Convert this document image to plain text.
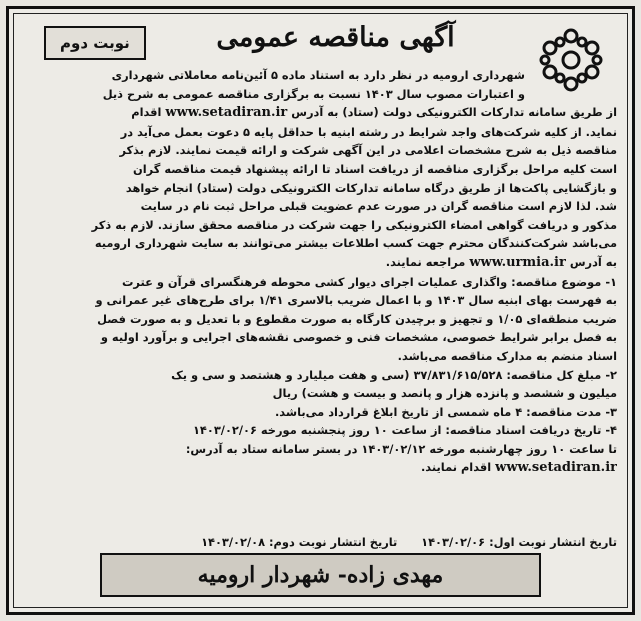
نوبت دوم	آگهی مناقصه عمومی
شهرداری ارومیه در نظر دارد به استناد ماده ۵ آئین‌نامه معاملاتی شهرداری
و اعتبارات مصوب سال ۱۴۰۳ نسبت به برگزاری مناقصه عمومی به شرح ذیل
از طریق سامانه تدارکات الکترونیکی دولت (ستاد) به آدرس www.setadiran.ir اقدام
نماید. از کلیه شرکت‌های واجد شرایط در رشته ابنیه با حداقل پایه ۵ دعوت بعمل می‌آید در
مناقصه ذیل به شرح مشخصات اعلامی در این آگهی شرکت و ارائه قیمت نمایند. لازم بذکر
است کلیه مراحل برگزاری مناقصه از دریافت اسناد تا ارائه پیشنهاد قیمت مناقصه گران
و بازگشایی پاکت‌ها از طریق درگاه سامانه تدارکات الکترونیکی دولت (ستاد) انجام خواهد
شد. لذا لازم است مناقصه گران در صورت عدم عضویت قبلی مراحل ثبت نام در سایت
مذکور و دریافت گواهی امضاء الکترونیکی را جهت شرکت در مناقصه محقق سازند. لازم به ذکر
می‌باشد شرکت‌کنندگان محترم جهت کسب اطلاعات بیشتر می‌توانند به سایت شهرداری ارومیه
به آدرس www.urmia.ir مراجعه نمایند.
۱- موضوع مناقصه: واگذاری عملیات اجرای دیوار کشی محوطه فرهنگسرای قرآن و عترت
به فهرست بهای ابنیه سال ۱۴۰۳ و با اعمال ضریب بالاسری ۱/۴۱ برای طرح‌های غیر عمرانی و
ضریب منطقه‌ای ۱/۰۵ و تجهیز و برچیدن کارگاه به صورت مقطوع و با تعدیل و به صورت فصل
به فصل برابر شرایط خصوصی، مشخصات فنی و خصوصی نقشه‌های اجرایی و برآورد اولیه و
اسناد منضم به مدارک مناقصه می‌باشد.
۲- مبلغ کل مناقصه: ۳۷/۸۳۱/۶۱۵/۵۲۸ (سی و هفت میلیارد و هشتصد و سی و یک
میلیون و ششصد و پانزده هزار و پانصد و بیست و هشت) ریال
۳- مدت مناقصه: ۴ ماه شمسی از تاریخ ابلاغ قرارداد می‌باشد.
۴- تاریخ دریافت اسناد مناقصه: از ساعت ۱۰ روز پنجشنبه مورخه ۱۴۰۳/۰۲/۰۶
تا ساعت ۱۰ روز چهارشنبه مورخه ۱۴۰۳/۰۲/۱۲ در بستر سامانه ستاد به آدرس:
www.setadiran.ir اقدام نمایند.
تاریخ انتشار نوبت اول: ۱۴۰۳/۰۲/۰۶      تاریخ انتشار نوبت دوم: ۱۴۰۳/۰۲/۰۸
مهدی زاده- شهردار ارومیه
